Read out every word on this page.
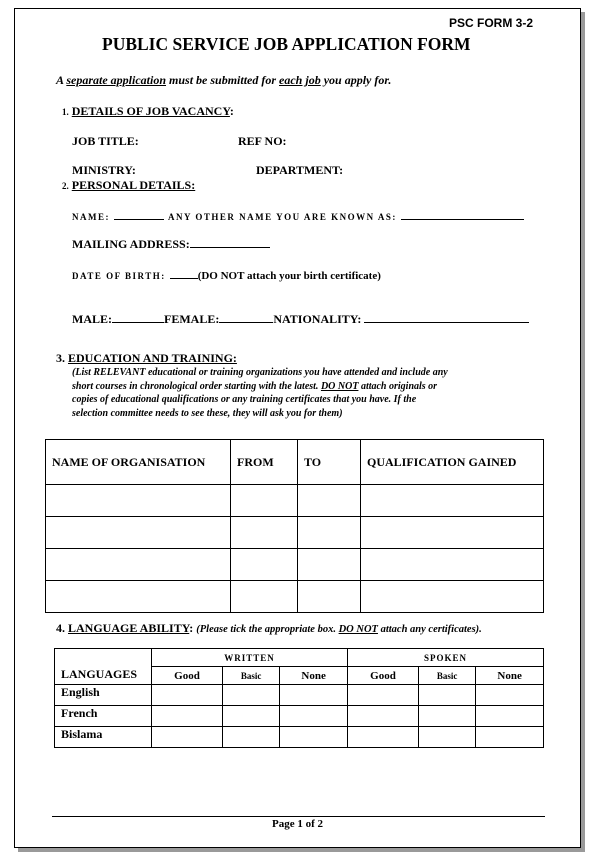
PSC FORM 3-2
PUBLIC SERVICE JOB APPLICATION FORM
A separate application must be submitted for each job you apply for.
1. DETAILS OF JOB VACANCY:
JOB TITLE:	REF NO:
MINISTRY:	DEPARTMENT:
2. PERSONAL DETAILS:
NAME:	ANY OTHER NAME YOU ARE KNOWN AS:
MAILING ADDRESS:
DATE OF BIRTH:	(DO NOT attach your birth certificate)
MALE:	FEMALE:	NATIONALITY:
3. EDUCATION AND TRAINING:
(List RELEVANT educational or training organizations you have attended and include any
short courses in chronological order starting with the latest. DO NOT attach originals or
copies of educational qualifications or any training certificates that you have. If the
selection committee needs to see these, they will ask you for them)
NAME OF ORGANISATION	FROM	TO	QUALIFICATION GAINED

4. LANGUAGE ABILITY: (Please tick the appropriate box. DO NOT attach any certificates).
LANGUAGES	WRITTEN			SPOKEN		
	Good	Basic	None	Good	Basic	None
English						
French						
Bislama						
Page 1 of 2
